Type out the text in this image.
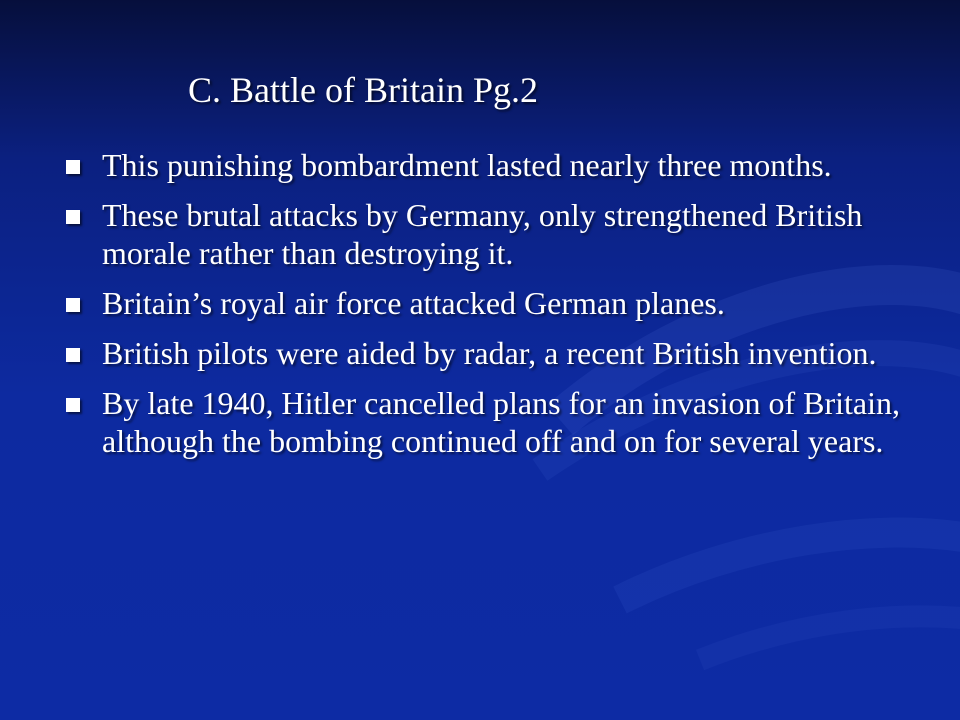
C. Battle of Britain Pg.2
This punishing bombardment lasted nearly three months.
These brutal attacks by Germany, only strengthened British morale rather than destroying it.
Britain’s royal air force attacked German planes.
British pilots were aided by radar, a recent British invention.
By late 1940, Hitler cancelled plans for an invasion of Britain, although the bombing continued off and on for several years.
